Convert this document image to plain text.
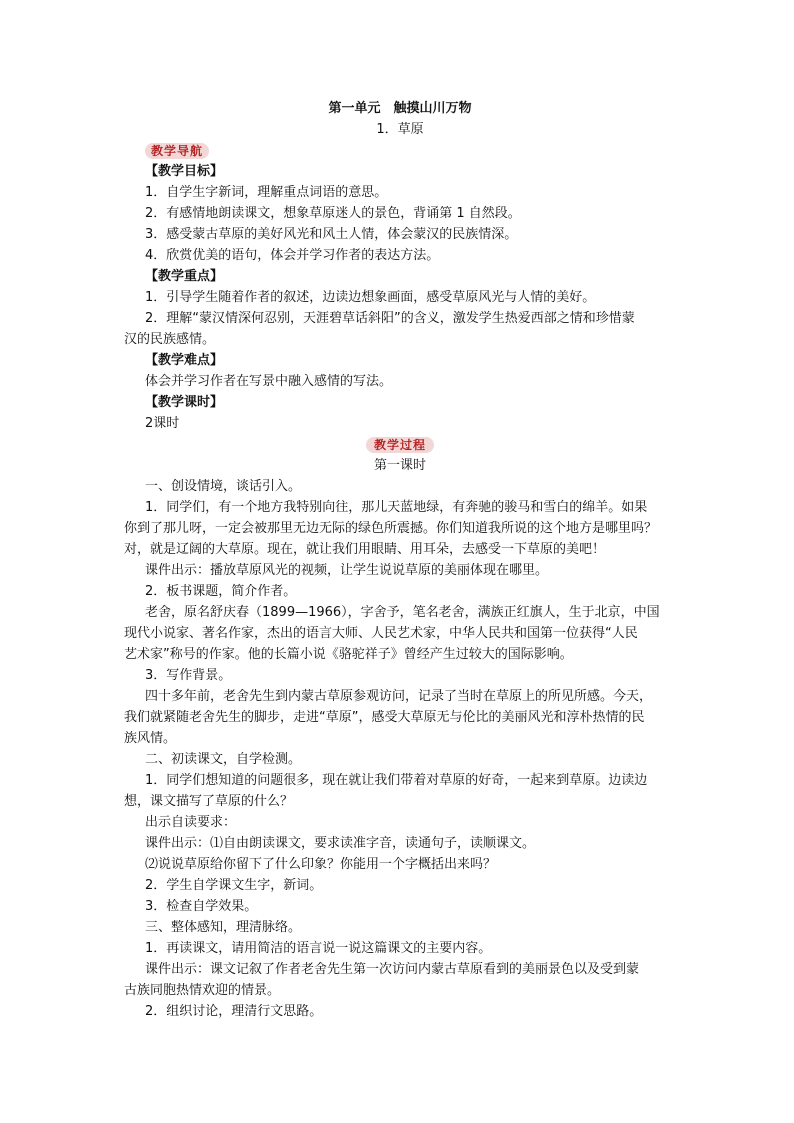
第一单元　触摸山川万物
1．草原
教学导航
【教学目标】
1．自学生字新词，理解重点词语的意思。
2．有感情地朗读课文，想象草原迷人的景色，背诵第 1 自然段。
3．感受蒙古草原的美好风光和风土人情，体会蒙汉的民族情深。
4．欣赏优美的语句，体会并学习作者的表达方法。
【教学重点】
1．引导学生随着作者的叙述，边读边想象画面，感受草原风光与人情的美好。
2．理解“蒙汉情深何忍别，天涯碧草话斜阳”的含义，激发学生热爱西部之情和珍惜蒙
汉的民族感情。
【教学难点】
体会并学习作者在写景中融入感情的写法。
【教学课时】
2课时
教学过程
第一课时
一、创设情境，谈话引入。
1．同学们，有一个地方我特别向往，那儿天蓝地绿，有奔驰的骏马和雪白的绵羊。如果
你到了那儿呀，一定会被那里无边无际的绿色所震撼。你们知道我所说的这个地方是哪里吗？
对，就是辽阔的大草原。现在，就让我们用眼睛、用耳朵，去感受一下草原的美吧！
课件出示：播放草原风光的视频，让学生说说草原的美丽体现在哪里。
2．板书课题，简介作者。
老舍，原名舒庆春（1899—1966），字舍予，笔名老舍，满族正红旗人，生于北京，中国
现代小说家、著名作家，杰出的语言大师、人民艺术家，中华人民共和国第一位获得“人民
艺术家”称号的作家。他的长篇小说《骆驼祥子》曾经产生过较大的国际影响。
3．写作背景。
四十多年前，老舍先生到内蒙古草原参观访问，记录了当时在草原上的所见所感。今天，
我们就紧随老舍先生的脚步，走进“草原”，感受大草原无与伦比的美丽风光和淳朴热情的民
族风情。
二、初读课文，自学检测。
1．同学们想知道的问题很多，现在就让我们带着对草原的好奇，一起来到草原。边读边
想，课文描写了草原的什么？
出示自读要求：
课件出示：⑴自由朗读课文，要求读准字音，读通句子，读顺课文。
⑵说说草原给你留下了什么印象？你能用一个字概括出来吗？
2．学生自学课文生字，新词。
3．检查自学效果。
三、整体感知，理清脉络。
1．再读课文，请用简洁的语言说一说这篇课文的主要内容。
课件出示：课文记叙了作者老舍先生第一次访问内蒙古草原看到的美丽景色以及受到蒙
古族同胞热情欢迎的情景。
2．组织讨论，理清行文思路。
